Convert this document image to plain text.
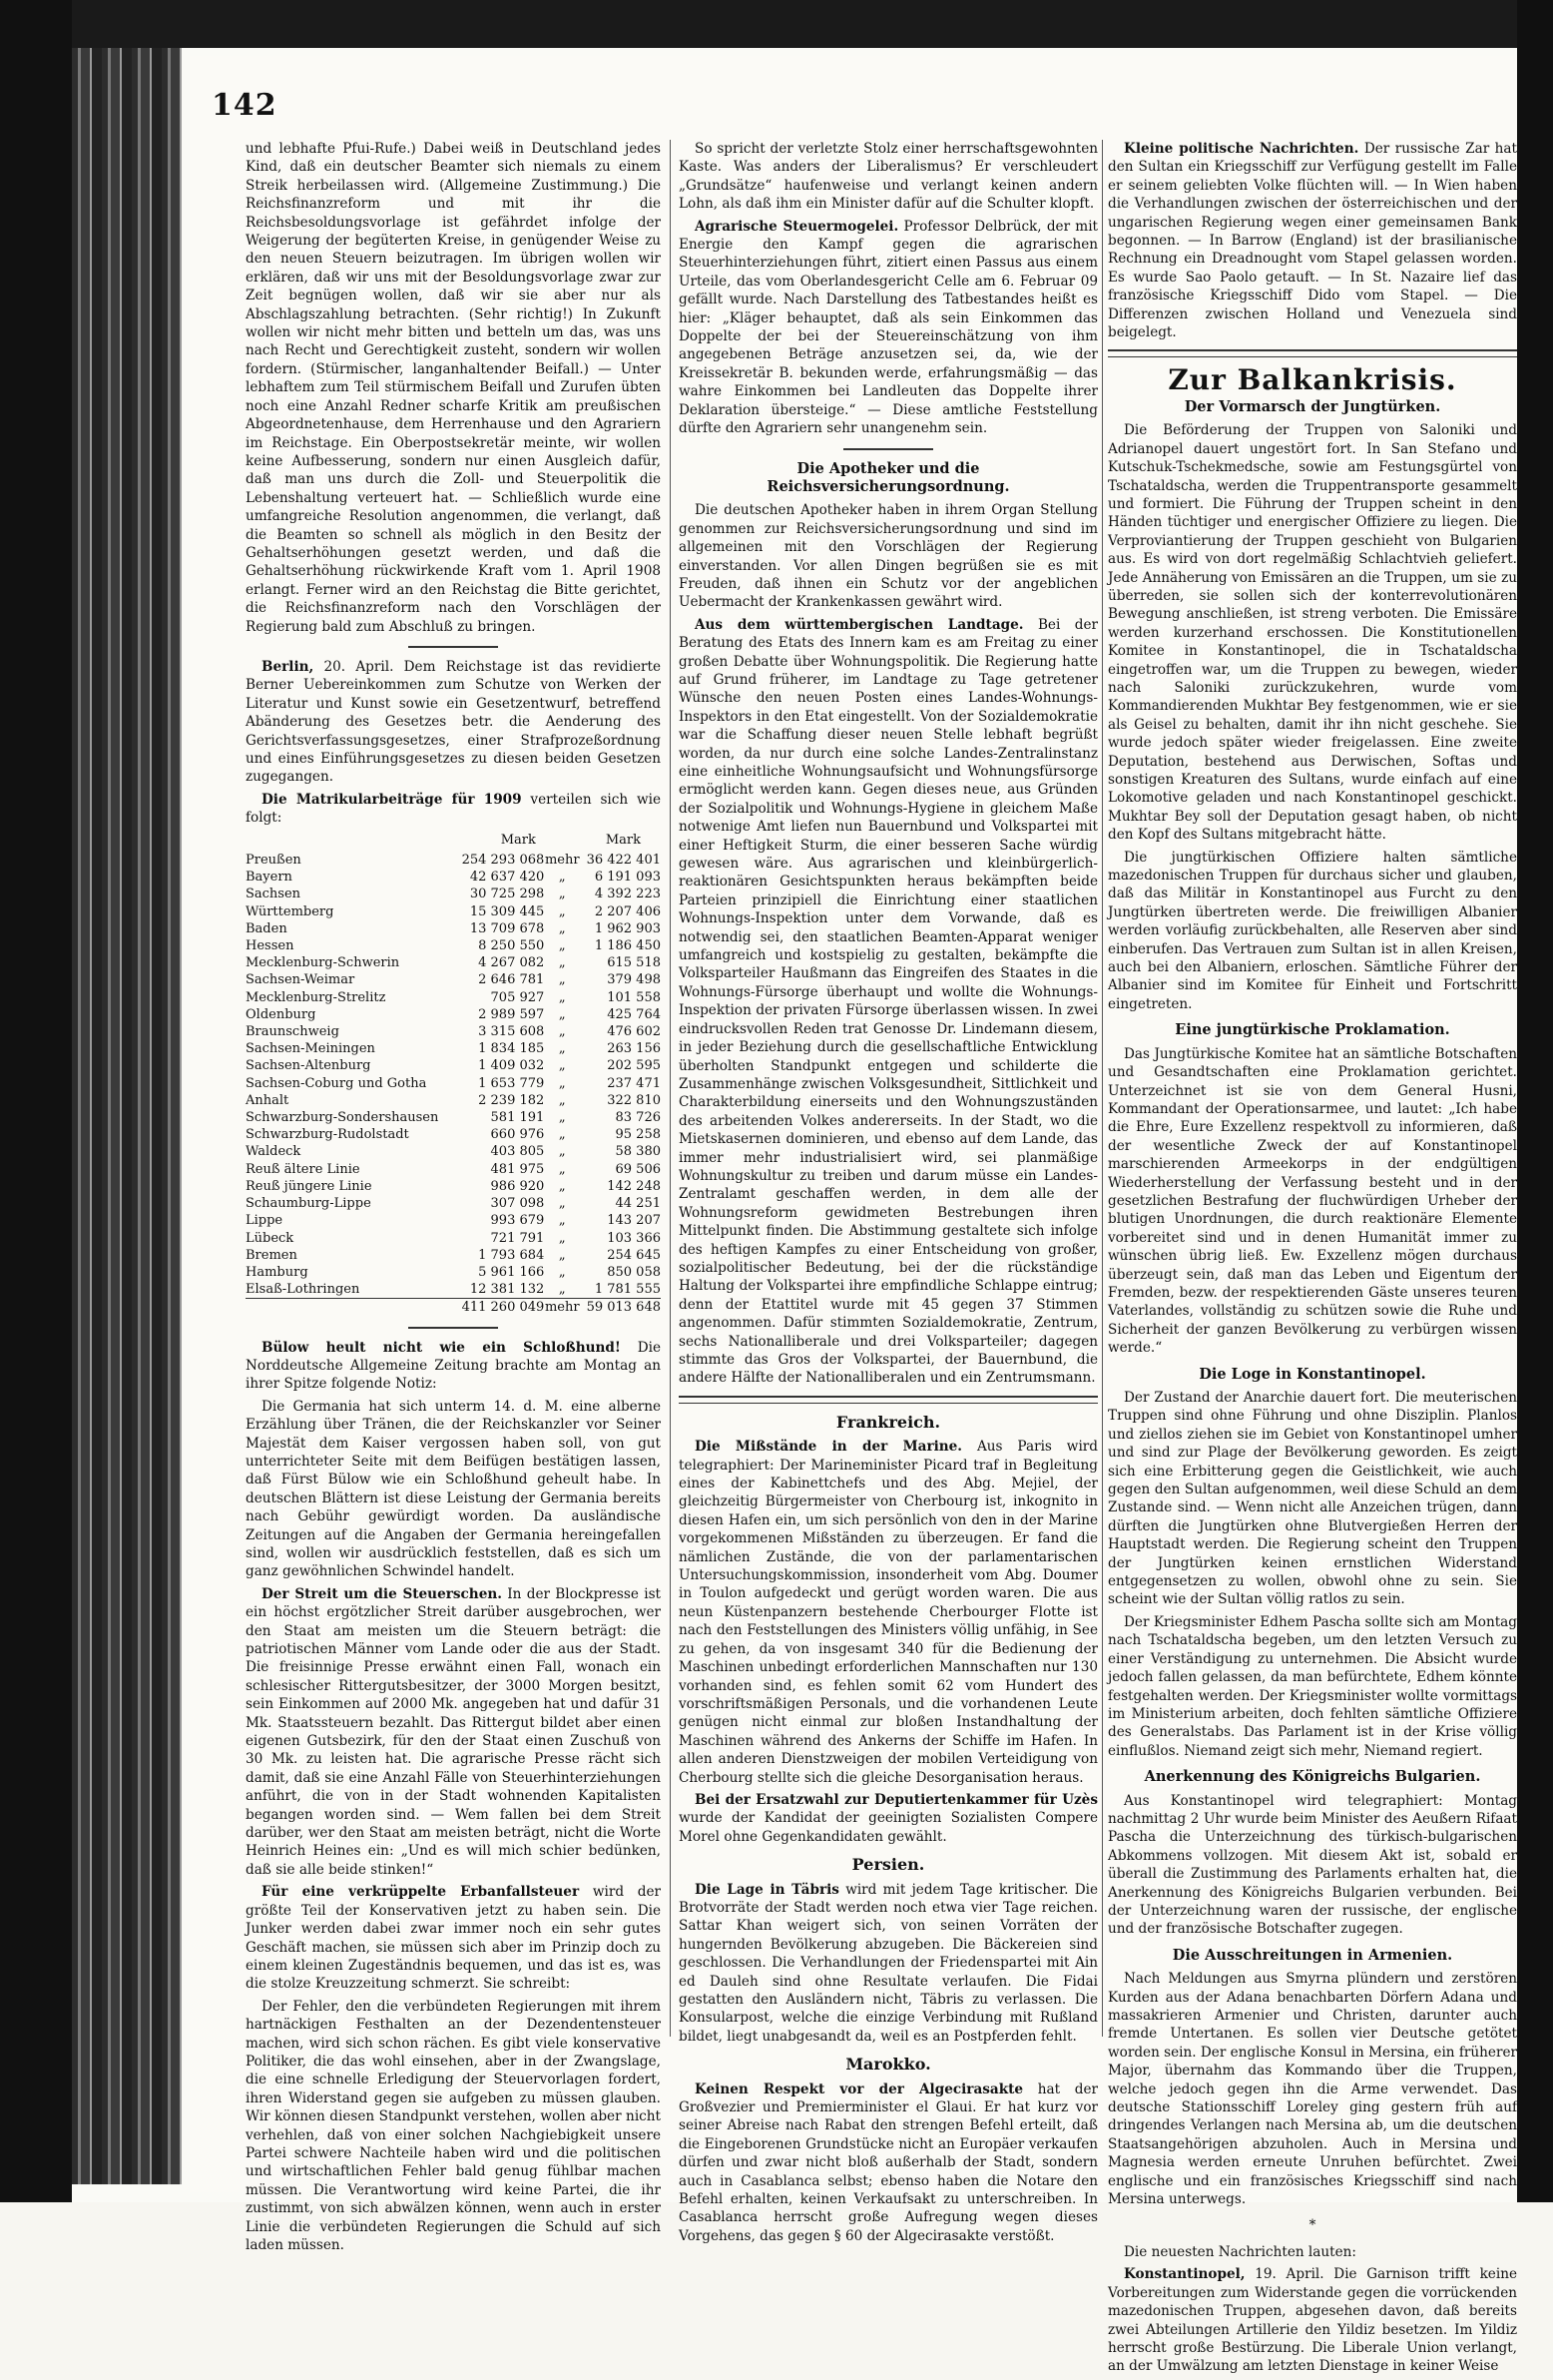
142

und lebhafte Pfui-Rufe.) Dabei weiß in Deutschland jedes Kind, daß ein deutscher Beamter sich niemals zu einem Streik herbeilassen wird. (Allgemeine Zustimmung.) Die Reichsfinanzreform und mit ihr die Reichsbesoldungsvorlage ist gefährdet infolge der Weigerung der begüterten Kreise, in genügender Weise zu den neuen Steuern beizutragen. Im übrigen wollen wir erklären, daß wir uns mit der Besoldungsvorlage zwar zur Zeit begnügen wollen, daß wir sie aber nur als Abschlagszahlung betrachten. (Sehr richtig!) In Zukunft wollen wir nicht mehr bitten und betteln um das, was uns nach Recht und Gerechtigkeit zusteht, sondern wir wollen fordern. (Stürmischer, langanhaltender Beifall.) — Unter lebhaftem zum Teil stürmischem Beifall und Zurufen übten noch eine Anzahl Redner scharfe Kritik am preußischen Abgeordnetenhause, dem Herrenhause und den Agrariern im Reichstage. Ein Oberpostsekretär meinte, wir wollen keine Aufbesserung, sondern nur einen Ausgleich dafür, daß man uns durch die Zoll- und Steuerpolitik die Lebenshaltung verteuert hat. — Schließlich wurde eine umfangreiche Resolution angenommen, die verlangt, daß die Beamten so schnell als möglich in den Besitz der Gehaltserhöhungen gesetzt werden, und daß die Gehaltserhöhung rückwirkende Kraft vom 1. April 1908 erlangt. Ferner wird an den Reichstag die Bitte gerichtet, die Reichsfinanzreform nach den Vorschlägen der Regierung bald zum Abschluß zu bringen.

Berlin, 20. April. Dem Reichstage ist das revidierte Berner Uebereinkommen zum Schutze von Werken der Literatur und Kunst sowie ein Gesetzentwurf, betreffend Abänderung des Gesetzes betr. die Aenderung des Gerichtsverfassungsgesetzes, einer Strafprozeßordnung und eines Einführungsgesetzes zu diesen beiden Gesetzen zugegangen.

Die Matrikularbeiträge für 1909 verteilen sich wie folgt:

Mark	Mark
Preußen	254 293 068	mehr	36 422 401
Bayern	42 637 420	„	6 191 093
Sachsen	30 725 298	„	4 392 223
Württemberg	15 309 445	„	2 207 406
Baden	13 709 678	„	1 962 903
Hessen	8 250 550	„	1 186 450
Mecklenburg-Schwerin	4 267 082	„	615 518
Sachsen-Weimar	2 646 781	„	379 498
Mecklenburg-Strelitz	705 927	„	101 558
Oldenburg	2 989 597	„	425 764
Braunschweig	3 315 608	„	476 602
Sachsen-Meiningen	1 834 185	„	263 156
Sachsen-Altenburg	1 409 032	„	202 595
Sachsen-Coburg und Gotha	1 653 779	„	237 471
Anhalt	2 239 182	„	322 810
Schwarzburg-Sondershausen	581 191	„	83 726
Schwarzburg-Rudolstadt	660 976	„	95 258
Waldeck	403 805	„	58 380
Reuß ältere Linie	481 975	„	69 506
Reuß jüngere Linie	986 920	„	142 248
Schaumburg-Lippe	307 098	„	44 251
Lippe	993 679	„	143 207
Lübeck	721 791	„	103 366
Bremen	1 793 684	„	254 645
Hamburg	5 961 166	„	850 058
Elsaß-Lothringen	12 381 132	„	1 781 555
	411 260 049	mehr	59 013 648

Bülow heult nicht wie ein Schloßhund! Die Norddeutsche Allgemeine Zeitung brachte am Montag an ihrer Spitze folgende Notiz:

Die Germania hat sich unterm 14. d. M. eine alberne Erzählung über Tränen, die der Reichskanzler vor Seiner Majestät dem Kaiser vergossen haben soll, von gut unterrichteter Seite mit dem Beifügen bestätigen lassen, daß Fürst Bülow wie ein Schloßhund geheult habe. In deutschen Blättern ist diese Leistung der Germania bereits nach Gebühr gewürdigt worden. Da ausländische Zeitungen auf die Angaben der Germania hereingefallen sind, wollen wir ausdrücklich feststellen, daß es sich um ganz gewöhnlichen Schwindel handelt.

Der Streit um die Steuerschen. In der Blockpresse ist ein höchst ergötzlicher Streit darüber ausgebrochen, wer den Staat am meisten um die Steuern beträgt: die patriotischen Männer vom Lande oder die aus der Stadt. Die freisinnige Presse erwähnt einen Fall, wonach ein schlesischer Rittergutsbesitzer, der 3000 Morgen besitzt, sein Einkommen auf 2000 Mk. angegeben hat und dafür 31 Mk. Staatssteuern bezahlt. Das Rittergut bildet aber einen eigenen Gutsbezirk, für den der Staat einen Zuschuß von 30 Mk. zu leisten hat. Die agrarische Presse rächt sich damit, daß sie eine Anzahl Fälle von Steuerhinterziehungen anführt, die von in der Stadt wohnenden Kapitalisten begangen worden sind. — Wem fallen bei dem Streit darüber, wer den Staat am meisten beträgt, nicht die Worte Heinrich Heines ein: „Und es will mich schier bedünken, daß sie alle beide stinken!“

Für eine verkrüppelte Erbanfallsteuer wird der größte Teil der Konservativen jetzt zu haben sein. Die Junker werden dabei zwar immer noch ein sehr gutes Geschäft machen, sie müssen sich aber im Prinzip doch zu einem kleinen Zugeständnis bequemen, und das ist es, was die stolze Kreuzzeitung schmerzt. Sie schreibt:

Der Fehler, den die verbündeten Regierungen mit ihrem hartnäckigen Festhalten an der Dezendentensteuer machen, wird sich schon rächen. Es gibt viele konservative Politiker, die das wohl einsehen, aber in der Zwangslage, die eine schnelle Erledigung der Steuervorlagen fordert, ihren Widerstand gegen sie aufgeben zu müssen glauben. Wir können diesen Standpunkt verstehen, wollen aber nicht verhehlen, daß von einer solchen Nachgiebigkeit unsere Partei schwere Nachteile haben wird und die politischen und wirtschaftlichen Fehler bald genug fühlbar machen müssen. Die Verantwortung wird keine Partei, die ihr zustimmt, von sich abwälzen können, wenn auch in erster Linie die verbündeten Regierungen die Schuld auf sich laden müssen.

So spricht der verletzte Stolz einer herrschaftsgewohnten Kaste. Was anders der Liberalismus? Er verschleudert „Grundsätze“ haufenweise und verlangt keinen andern Lohn, als daß ihm ein Minister dafür auf die Schulter klopft.

Agrarische Steuermogelei. Professor Delbrück, der mit Energie den Kampf gegen die agrarischen Steuerhinterziehungen führt, zitiert einen Passus aus einem Urteile, das vom Oberlandesgericht Celle am 6. Februar 09 gefällt wurde. Nach Darstellung des Tatbestandes heißt es hier: „Kläger behauptet, daß als sein Einkommen das Doppelte der bei der Steuereinschätzung von ihm angegebenen Beträge anzusetzen sei, da, wie der Kreissekretär B. bekunden werde, erfahrungsmäßig — das wahre Einkommen bei Landleuten das Doppelte ihrer Deklaration übersteige.“ — Diese amtliche Feststellung dürfte den Agrariern sehr unangenehm sein.

Die Apotheker und die Reichsversicherungsordnung.

Die deutschen Apotheker haben in ihrem Organ Stellung genommen zur Reichsversicherungsordnung und sind im allgemeinen mit den Vorschlägen der Regierung einverstanden. Vor allen Dingen begrüßen sie es mit Freuden, daß ihnen ein Schutz vor der angeblichen Uebermacht der Krankenkassen gewährt wird.

Aus dem württembergischen Landtage. Bei der Beratung des Etats des Innern kam es am Freitag zu einer großen Debatte über Wohnungspolitik. Die Regierung hatte auf Grund früherer, im Landtage zu Tage getretener Wünsche den neuen Posten eines Landes-Wohnungs-Inspektors in den Etat eingestellt. Von der Sozialdemokratie war die Schaffung dieser neuen Stelle lebhaft begrüßt worden, da nur durch eine solche Landes-Zentralinstanz eine einheitliche Wohnungsaufsicht und Wohnungsfürsorge ermöglicht werden kann. Gegen dieses neue, aus Gründen der Sozialpolitik und Wohnungs-Hygiene in gleichem Maße notwenige Amt liefen nun Bauernbund und Volkspartei mit einer Heftigkeit Sturm, die einer besseren Sache würdig gewesen wäre. Aus agrarischen und kleinbürgerlich-reaktionären Gesichtspunkten heraus bekämpften beide Parteien prinzipiell die Einrichtung einer staatlichen Wohnungs-Inspektion unter dem Vorwande, daß es notwendig sei, den staatlichen Beamten-Apparat weniger umfangreich und kostspielig zu gestalten, bekämpfte die Volksparteiler Haußmann das Eingreifen des Staates in die Wohnungs-Fürsorge überhaupt und wollte die Wohnungs-Inspektion der privaten Fürsorge überlassen wissen. In zwei eindrucksvollen Reden trat Genosse Dr. Lindemann diesem, in jeder Beziehung durch die gesellschaftliche Entwicklung überholten Standpunkt entgegen und schilderte die Zusammenhänge zwischen Volksgesundheit, Sittlichkeit und Charakterbildung einerseits und den Wohnungszuständen des arbeitenden Volkes andererseits. In der Stadt, wo die Mietskasernen dominieren, und ebenso auf dem Lande, das immer mehr industrialisiert wird, sei planmäßige Wohnungskultur zu treiben und darum müsse ein Landes-Zentralamt geschaffen werden, in dem alle der Wohnungsreform gewidmeten Bestrebungen ihren Mittelpunkt finden. Die Abstimmung gestaltete sich infolge des heftigen Kampfes zu einer Entscheidung von großer, sozialpolitischer Bedeutung, bei der die rückständige Haltung der Volkspartei ihre empfindliche Schlappe eintrug; denn der Etattitel wurde mit 45 gegen 37 Stimmen angenommen. Dafür stimmten Sozialdemokratie, Zentrum, sechs Nationalliberale und drei Volksparteiler; dagegen stimmte das Gros der Volkspartei, der Bauernbund, die andere Hälfte der Nationalliberalen und ein Zentrumsmann.

Frankreich.

Die Mißstände in der Marine. Aus Paris wird telegraphiert: Der Marineminister Picard traf in Begleitung eines der Kabinettchefs und des Abg. Mejiel, der gleichzeitig Bürgermeister von Cherbourg ist, inkognito in diesen Hafen ein, um sich persönlich von den in der Marine vorgekommenen Mißständen zu überzeugen. Er fand die nämlichen Zustände, die von der parlamentarischen Untersuchungskommission, insonderheit vom Abg. Doumer in Toulon aufgedeckt und gerügt worden waren. Die aus neun Küstenpanzern bestehende Cherbourger Flotte ist nach den Feststellungen des Ministers völlig unfähig, in See zu gehen, da von insgesamt 340 für die Bedienung der Maschinen unbedingt erforderlichen Mannschaften nur 130 vorhanden sind, es fehlen somit 62 vom Hundert des vorschriftsmäßigen Personals, und die vorhandenen Leute genügen nicht einmal zur bloßen Instandhaltung der Maschinen während des Ankerns der Schiffe im Hafen. In allen anderen Dienstzweigen der mobilen Verteidigung von Cherbourg stellte sich die gleiche Desorganisation heraus.

Bei der Ersatzwahl zur Deputiertenkammer für Uzès wurde der Kandidat der geeinigten Sozialisten Compere Morel ohne Gegenkandidaten gewählt.

Persien.

Die Lage in Täbris wird mit jedem Tage kritischer. Die Brotvorräte der Stadt werden noch etwa vier Tage reichen. Sattar Khan weigert sich, von seinen Vorräten der hungernden Bevölkerung abzugeben. Die Bäckereien sind geschlossen. Die Verhandlungen der Friedenspartei mit Ain ed Dauleh sind ohne Resultate verlaufen. Die Fidai gestatten den Ausländern nicht, Täbris zu verlassen. Die Konsularpost, welche die einzige Verbindung mit Rußland bildet, liegt unabgesandt da, weil es an Postpferden fehlt.

Marokko.

Keinen Respekt vor der Algecirasakte hat der Großvezier und Premierminister el Glaui. Er hat kurz vor seiner Abreise nach Rabat den strengen Befehl erteilt, daß die Eingeborenen Grundstücke nicht an Europäer verkaufen dürfen und zwar nicht bloß außerhalb der Stadt, sondern auch in Casablanca selbst; ebenso haben die Notare den Befehl erhalten, keinen Verkaufsakt zu unterschreiben. In Casablanca herrscht große Aufregung wegen dieses Vorgehens, das gegen § 60 der Algecirasakte verstößt.

Kleine politische Nachrichten. Der russische Zar hat den Sultan ein Kriegsschiff zur Verfügung gestellt im Falle er seinem geliebten Volke flüchten will. — In Wien haben die Verhandlungen zwischen der österreichischen und der ungarischen Regierung wegen einer gemeinsamen Bank begonnen. — In Barrow (England) ist der brasilianische Rechnung ein Dreadnought vom Stapel gelassen worden. Es wurde Sao Paolo getauft. — In St. Nazaire lief das französische Kriegsschiff Dido vom Stapel. — Die Differenzen zwischen Holland und Venezuela sind beigelegt.

Zur Balkankrisis.
Der Vormarsch der Jungtürken.

Die Beförderung der Truppen von Saloniki und Adrianopel dauert ungestört fort. In San Stefano und Kutschuk-Tschekmedsche, sowie am Festungsgürtel von Tschataldscha, werden die Truppentransporte gesammelt und formiert. Die Führung der Truppen scheint in den Händen tüchtiger und energischer Offiziere zu liegen. Die Verproviantierung der Truppen geschieht von Bulgarien aus. Es wird von dort regelmäßig Schlachtvieh geliefert. Jede Annäherung von Emissären an die Truppen, um sie zu überreden, sie sollen sich der konterrevolutionären Bewegung anschließen, ist streng verboten. Die Emissäre werden kurzerhand erschossen. Die Konstitutionellen Komitee in Konstantinopel, die in Tschataldscha eingetroffen war, um die Truppen zu bewegen, wieder nach Saloniki zurückzukehren, wurde vom Kommandierenden Mukhtar Bey festgenommen, wie er sie als Geisel zu behalten, damit ihr ihn nicht geschehe. Sie wurde jedoch später wieder freigelassen. Eine zweite Deputation, bestehend aus Derwischen, Softas und sonstigen Kreaturen des Sultans, wurde einfach auf eine Lokomotive geladen und nach Konstantinopel geschickt. Mukhtar Bey soll der Deputation gesagt haben, ob nicht den Kopf des Sultans mitgebracht hätte.

Die jungtürkischen Offiziere halten sämtliche mazedonischen Truppen für durchaus sicher und glauben, daß das Militär in Konstantinopel aus Furcht zu den Jungtürken übertreten werde. Die freiwilligen Albanier werden vorläufig zurückbehalten, alle Reserven aber sind einberufen. Das Vertrauen zum Sultan ist in allen Kreisen, auch bei den Albaniern, erloschen. Sämtliche Führer der Albanier sind im Komitee für Einheit und Fortschritt eingetreten.

Eine jungtürkische Proklamation.

Das Jungtürkische Komitee hat an sämtliche Botschaften und Gesandtschaften eine Proklamation gerichtet. Unterzeichnet ist sie von dem General Husni, Kommandant der Operationsarmee, und lautet: „Ich habe die Ehre, Eure Exzellenz respektvoll zu informieren, daß der wesentliche Zweck der auf Konstantinopel marschierenden Armeekorps in der endgültigen Wiederherstellung der Verfassung besteht und in der gesetzlichen Bestrafung der fluchwürdigen Urheber der blutigen Unordnungen, die durch reaktionäre Elemente vorbereitet sind und in denen Humanität immer zu wünschen übrig ließ. Ew. Exzellenz mögen durchaus überzeugt sein, daß man das Leben und Eigentum der Fremden, bezw. der respektierenden Gäste unseres teuren Vaterlandes, vollständig zu schützen sowie die Ruhe und Sicherheit der ganzen Bevölkerung zu verbürgen wissen werde.“

Die Loge in Konstantinopel.

Der Zustand der Anarchie dauert fort. Die meuterischen Truppen sind ohne Führung und ohne Disziplin. Planlos und ziellos ziehen sie im Gebiet von Konstantinopel umher und sind zur Plage der Bevölkerung geworden. Es zeigt sich eine Erbitterung gegen die Geistlichkeit, wie auch gegen den Sultan aufgenommen, weil diese Schuld an dem Zustande sind. — Wenn nicht alle Anzeichen trügen, dann dürften die Jungtürken ohne Blutvergießen Herren der Hauptstadt werden. Die Regierung scheint den Truppen der Jungtürken keinen ernstlichen Widerstand entgegensetzen zu wollen, obwohl ohne zu sein. Sie scheint wie der Sultan völlig ratlos zu sein.

Der Kriegsminister Edhem Pascha sollte sich am Montag nach Tschataldscha begeben, um den letzten Versuch zu einer Verständigung zu unternehmen. Die Absicht wurde jedoch fallen gelassen, da man befürchtete, Edhem könnte festgehalten werden. Der Kriegsminister wollte vormittags im Ministerium arbeiten, doch fehlten sämtliche Offiziere des Generalstabs. Das Parlament ist in der Krise völlig einflußlos. Niemand zeigt sich mehr, Niemand regiert.

Anerkennung des Königreichs Bulgarien.

Aus Konstantinopel wird telegraphiert: Montag nachmittag 2 Uhr wurde beim Minister des Aeußern Rifaat Pascha die Unterzeichnung des türkisch-bulgarischen Abkommens vollzogen. Mit diesem Akt ist, sobald er überall die Zustimmung des Parlaments erhalten hat, die Anerkennung des Königreichs Bulgarien verbunden. Bei der Unterzeichnung waren der russische, der englische und der französische Botschafter zugegen.

Die Ausschreitungen in Armenien.

Nach Meldungen aus Smyrna plündern und zerstören Kurden aus der Adana benachbarten Dörfern Adana und massakrieren Armenier und Christen, darunter auch fremde Untertanen. Es sollen vier Deutsche getötet worden sein. Der englische Konsul in Mersina, ein früherer Major, übernahm das Kommando über die Truppen, welche jedoch gegen ihn die Arme verwendet. Das deutsche Stationsschiff Loreley ging gestern früh auf dringendes Verlangen nach Mersina ab, um die deutschen Staatsangehörigen abzuholen. Auch in Mersina und Magnesia werden erneute Unruhen befürchtet. Zwei englische und ein französisches Kriegsschiff sind nach Mersina unterwegs.

*

Die neuesten Nachrichten lauten:

Konstantinopel, 19. April. Die Garnison trifft keine Vorbereitungen zum Widerstande gegen die vorrückenden mazedonischen Truppen, abgesehen davon, daß bereits zwei Abteilungen Artillerie den Yildiz besetzen. Im Yildiz herrscht große Bestürzung. Die Liberale Union verlangt, an der Umwälzung am letzten Dienstage in keiner Weise
